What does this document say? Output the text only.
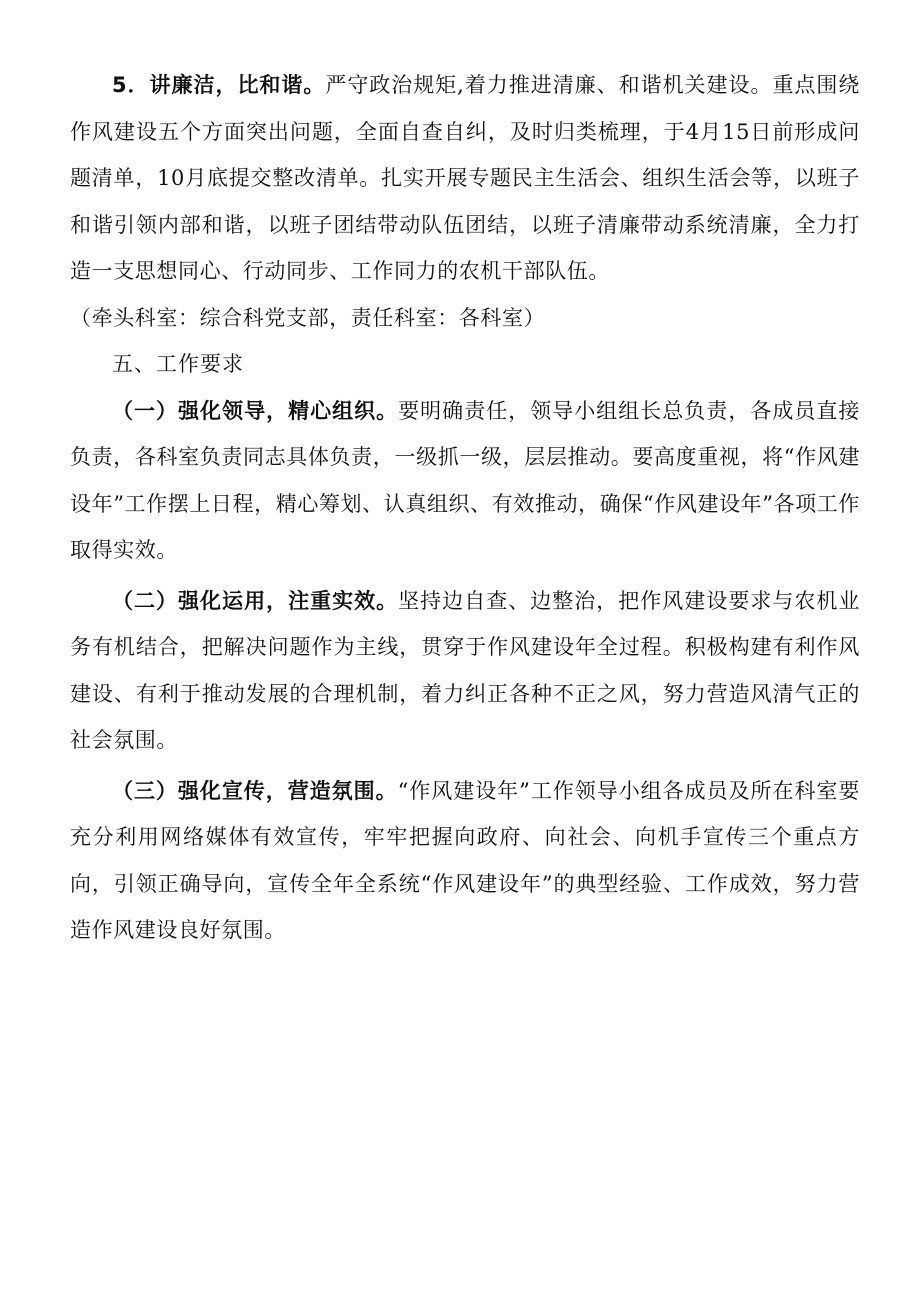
5．讲廉洁，比和谐。严守政治规矩,着力推进清廉、和谐机关建设。重点围绕作风建设五个方面突出问题，全面自查自纠，及时归类梳理，于4月15日前形成问题清单，10月底提交整改清单。扎实开展专题民主生活会、组织生活会等，以班子和谐引领内部和谐，以班子团结带动队伍团结，以班子清廉带动系统清廉，全力打造一支思想同心、行动同步、工作同力的农机干部队伍。

（牵头科室：综合科党支部，责任科室：各科室）

五、工作要求

（一）强化领导，精心组织。要明确责任，领导小组组长总负责，各成员直接负责，各科室负责同志具体负责，一级抓一级，层层推动。要高度重视，将“作风建设年”工作摆上日程，精心筹划、认真组织、有效推动，确保“作风建设年”各项工作取得实效。

（二）强化运用，注重实效。坚持边自查、边整治，把作风建设要求与农机业务有机结合，把解决问题作为主线，贯穿于作风建设年全过程。积极构建有利作风建设、有利于推动发展的合理机制，着力纠正各种不正之风，努力营造风清气正的社会氛围。

（三）强化宣传，营造氛围。“作风建设年”工作领导小组各成员及所在科室要充分利用网络媒体有效宣传，牢牢把握向政府、向社会、向机手宣传三个重点方向，引领正确导向，宣传全年全系统“作风建设年”的典型经验、工作成效，努力营造作风建设良好氛围。
